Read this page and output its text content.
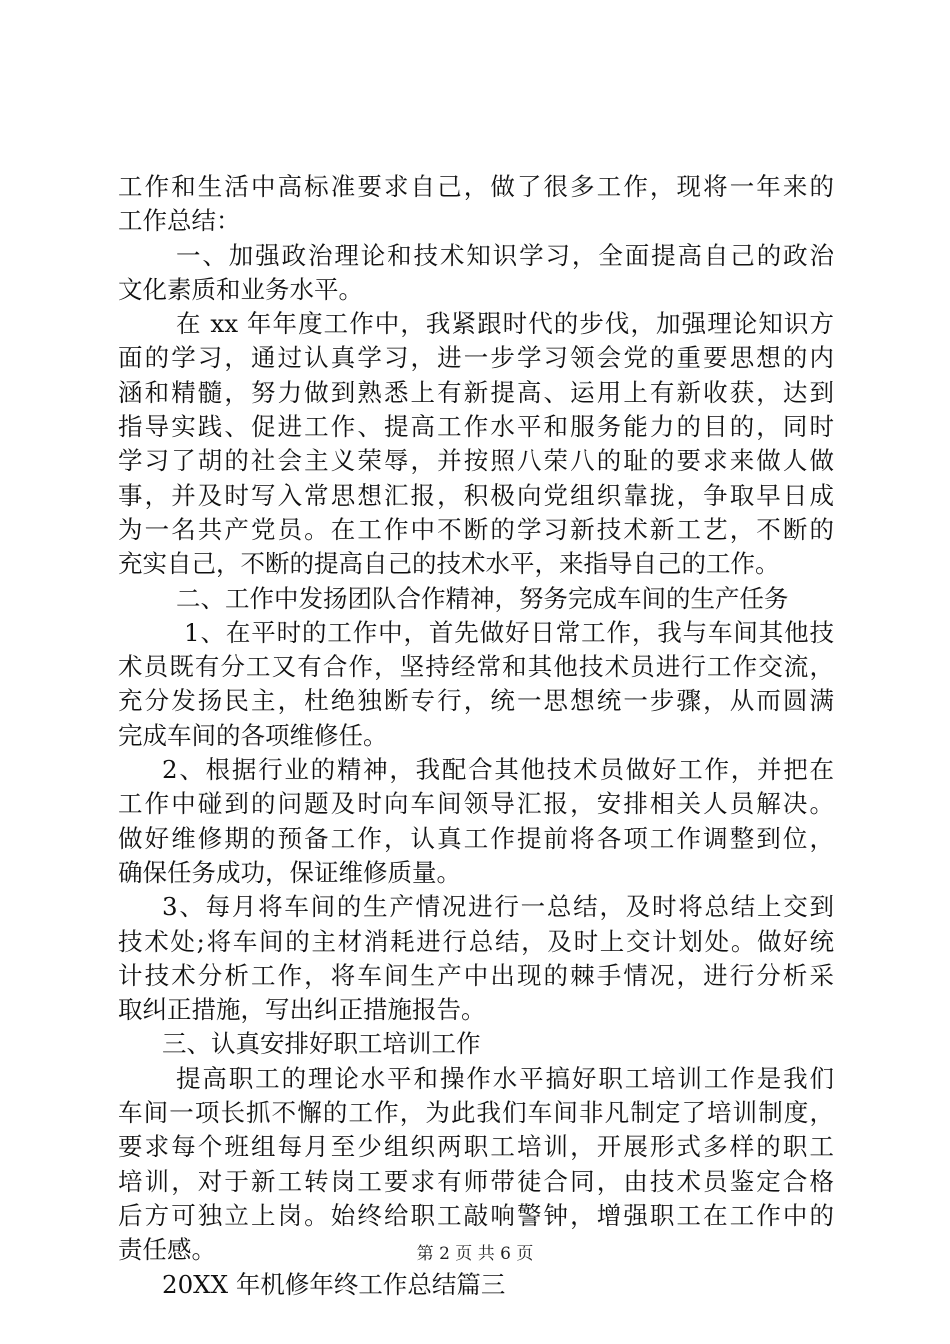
工作和生活中高标准要求自己，做了很多工作，现将一年来的
工作总结：
一、加强政治理论和技术知识学习，全面提高自己的政治
文化素质和业务水平。
在 xx 年年度工作中，我紧跟时代的步伐，加强理论知识方
面的学习，通过认真学习，进一步学习领会党的重要思想的内
涵和精髓，努力做到熟悉上有新提高、运用上有新收获，达到
指导实践、促进工作、提高工作水平和服务能力的目的，同时
学习了胡的社会主义荣辱，并按照八荣八的耻的要求来做人做
事，并及时写入常思想汇报，积极向党组织靠拢，争取早日成
为一名共产党员。在工作中不断的学习新技术新工艺，不断的
充实自己，不断的提高自己的技术水平，来指导自己的工作。
二、工作中发扬团队合作精神，努务完成车间的生产任务
1、在平时的工作中，首先做好日常工作，我与车间其他技
术员既有分工又有合作，坚持经常和其他技术员进行工作交流，
充分发扬民主，杜绝独断专行，统一思想统一步骤，从而圆满
完成车间的各项维修任。
2、根据行业的精神，我配合其他技术员做好工作，并把在
工作中碰到的问题及时向车间领导汇报，安排相关人员解决。
做好维修期的预备工作，认真工作提前将各项工作调整到位，
确保任务成功，保证维修质量。
3、每月将车间的生产情况进行一总结，及时将总结上交到
技术处;将车间的主材消耗进行总结，及时上交计划处。做好统
计技术分析工作，将车间生产中出现的棘手情况，进行分析采
取纠正措施，写出纠正措施报告。
三、认真安排好职工培训工作
提高职工的理论水平和操作水平搞好职工培训工作是我们
车间一项长抓不懈的工作，为此我们车间非凡制定了培训制度，
要求每个班组每月至少组织两职工培训，开展形式多样的职工
培训，对于新工转岗工要求有师带徒合同，由技术员鉴定合格
后方可独立上岗。始终给职工敲响警钟，增强职工在工作中的
责任感。
20XX 年机修年终工作总结篇三
第 2 页 共 6 页
